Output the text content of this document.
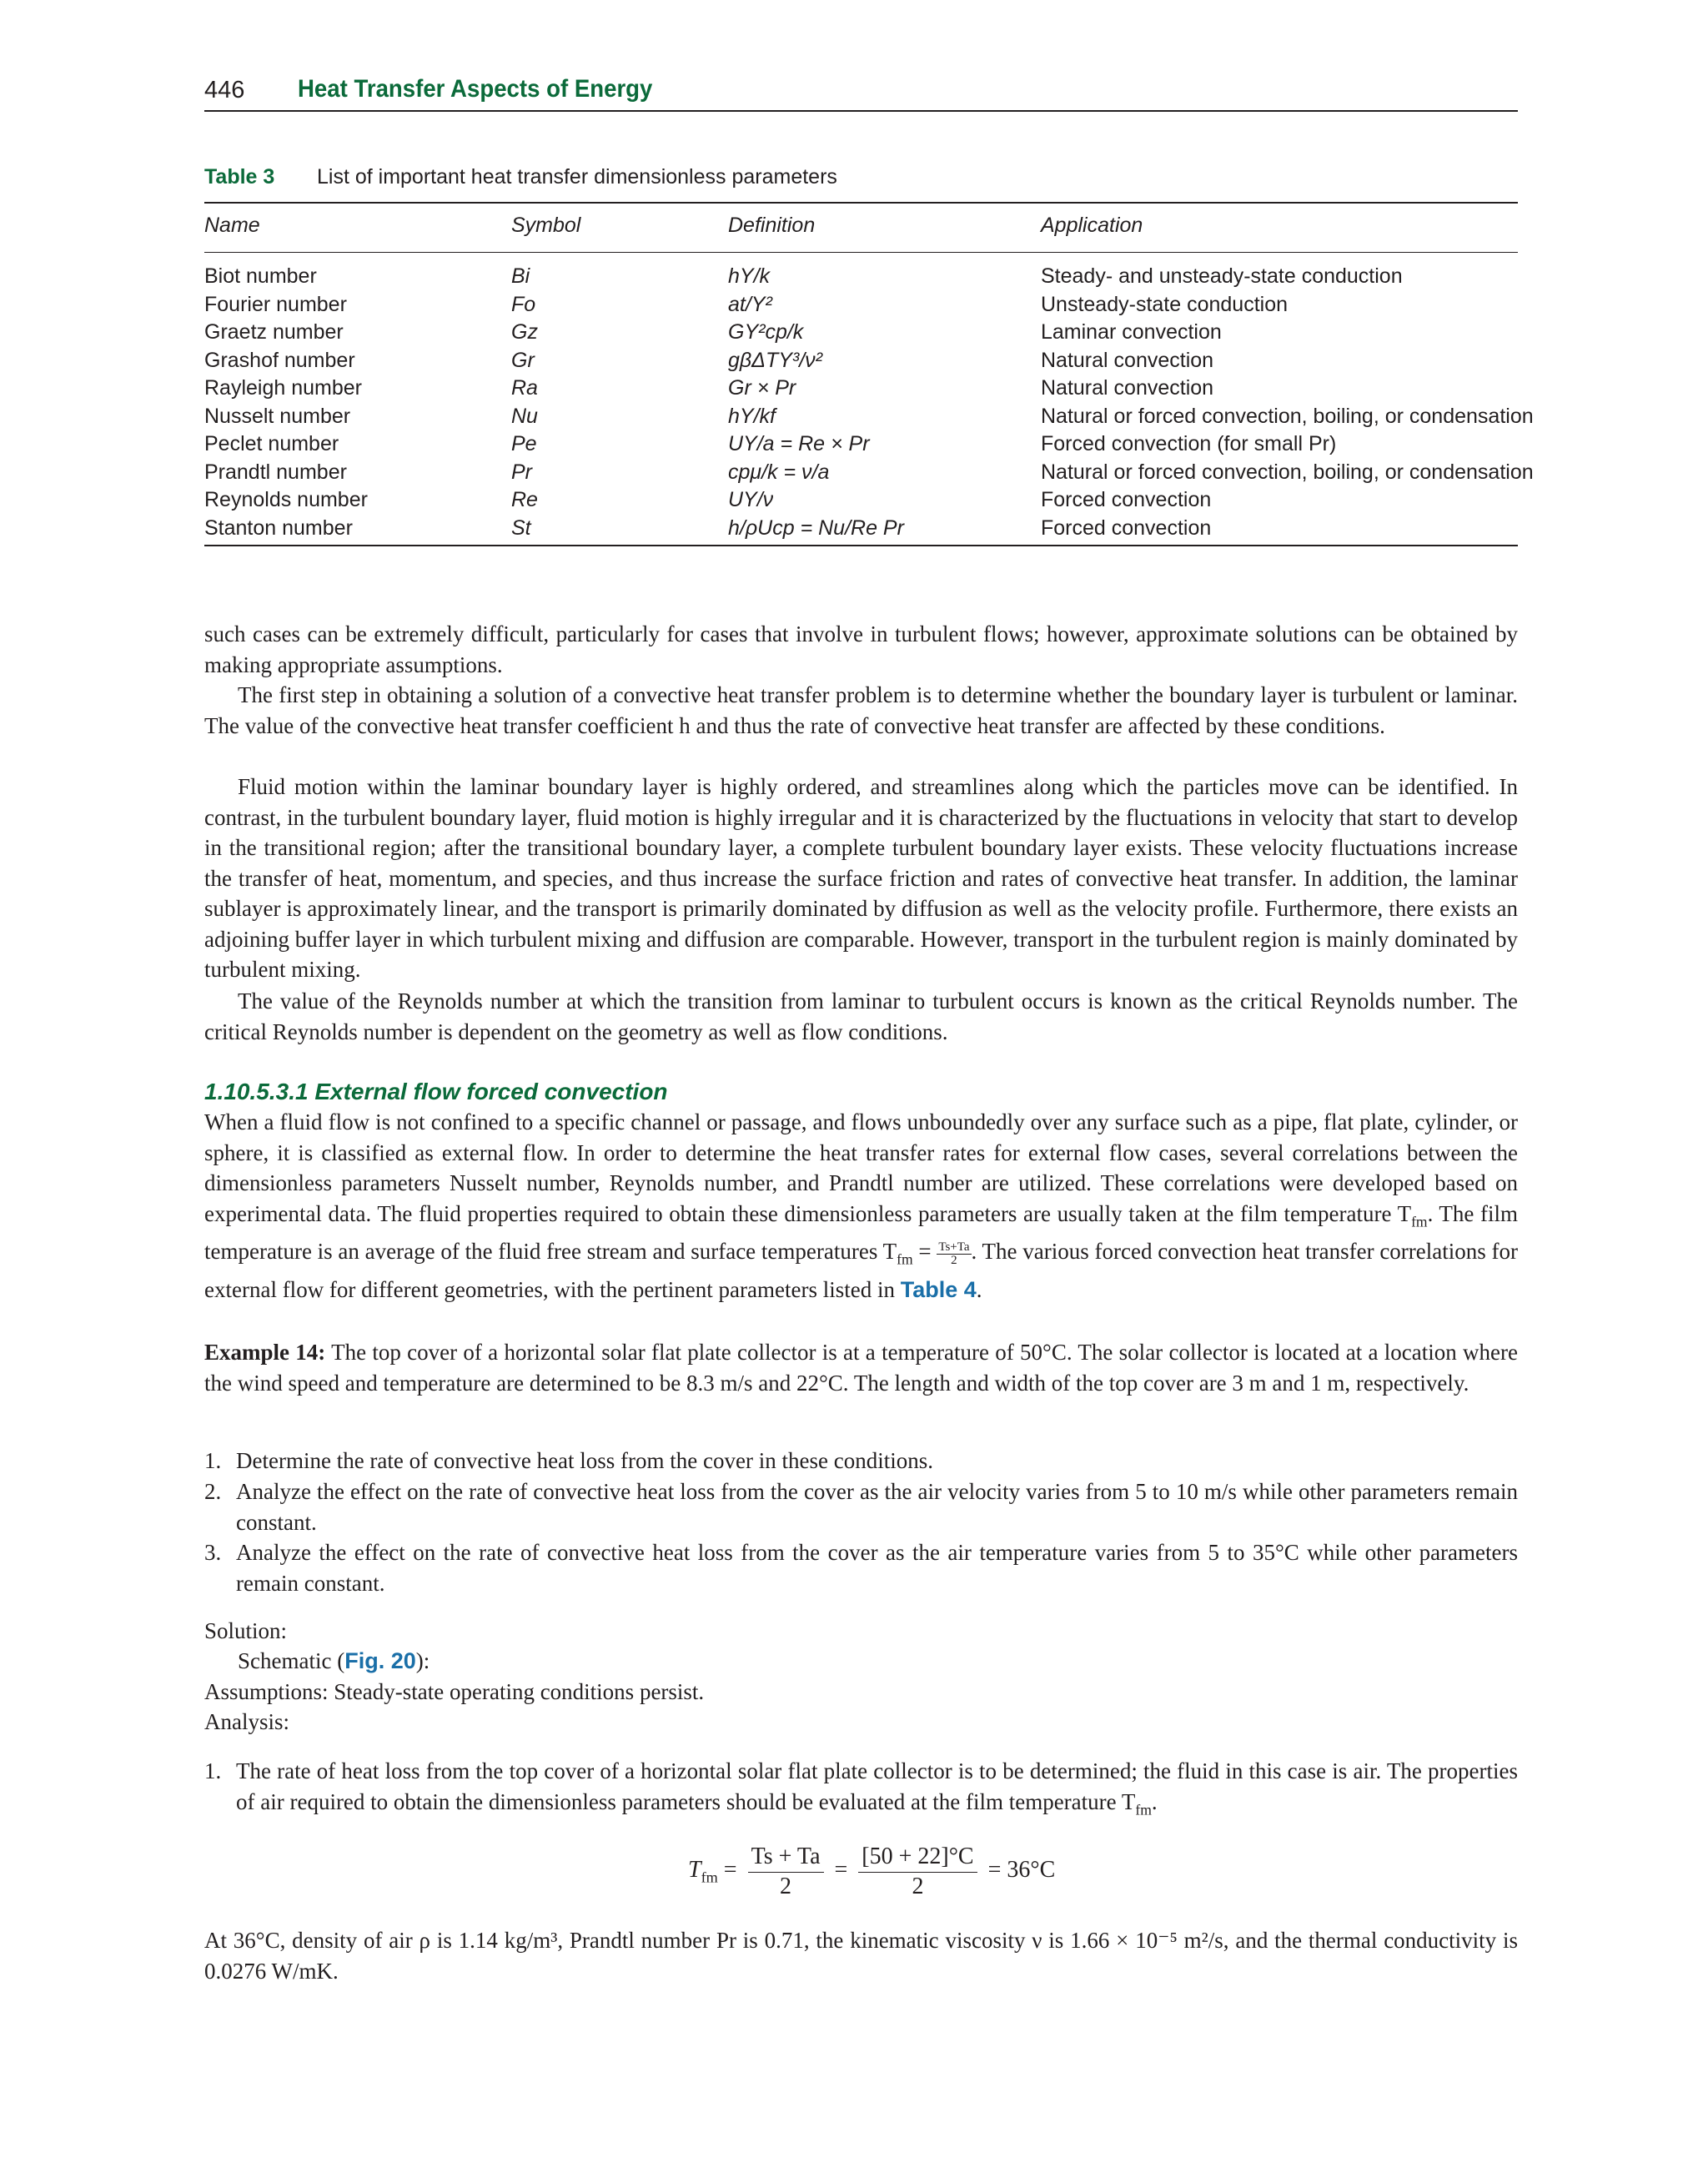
446 Heat Transfer Aspects of Energy
Table 3 List of important heat transfer dimensionless parameters
Name	Symbol	Definition	Application
Biot number	Bi	hY/k	Steady- and unsteady-state conduction
Fourier number	Fo	at/Y²	Unsteady-state conduction
Graetz number	Gz	GY²cp/k	Laminar convection
Grashof number	Gr	gβΔTY³/ν²	Natural convection
Rayleigh number	Ra	Gr × Pr	Natural convection
Nusselt number	Nu	hY/kf	Natural or forced convection, boiling, or condensation
Peclet number	Pe	UY/a = Re × Pr	Forced convection (for small Pr)
Prandtl number	Pr	cpμ/k = ν/a	Natural or forced convection, boiling, or condensation
Reynolds number	Re	UY/ν	Forced convection
Stanton number	St	h/ρUcp = Nu/Re Pr	Forced convection

such cases can be extremely difficult, particularly for cases that involve in turbulent flows; however, approximate solutions can be obtained by making appropriate assumptions.

The first step in obtaining a solution of a convective heat transfer problem is to determine whether the boundary layer is turbulent or laminar. The value of the convective heat transfer coefficient h and thus the rate of convective heat transfer are affected by these conditions.

Fluid motion within the laminar boundary layer is highly ordered, and streamlines along which the particles move can be identified. In contrast, in the turbulent boundary layer, fluid motion is highly irregular and it is characterized by the fluctuations in velocity that start to develop in the transitional region; after the transitional boundary layer, a complete turbulent boundary layer exists. These velocity fluctuations increase the transfer of heat, momentum, and species, and thus increase the surface friction and rates of convective heat transfer. In addition, the laminar sublayer is approximately linear, and the transport is primarily dominated by diffusion as well as the velocity profile. Furthermore, there exists an adjoining buffer layer in which turbulent mixing and diffusion are comparable. However, transport in the turbulent region is mainly dominated by turbulent mixing.

The value of the Reynolds number at which the transition from laminar to turbulent occurs is known as the critical Reynolds number. The critical Reynolds number is dependent on the geometry as well as flow conditions.

1.10.5.3.1 External flow forced convection

When a fluid flow is not confined to a specific channel or passage, and flows unboundedly over any surface such as a pipe, flat plate, cylinder, or sphere, it is classified as external flow. In order to determine the heat transfer rates for external flow cases, several correlations between the dimensionless parameters Nusselt number, Reynolds number, and Prandtl number are utilized. These correlations were developed based on experimental data. The fluid properties required to obtain these dimensionless parameters are usually taken at the film temperature $T_{fm}$. The film temperature is an average of the fluid free stream and surface temperatures $T_{fm} = \frac{Ts+Ta}{2}$ . The various forced convection heat transfer correlations for external flow for different geometries, with the pertinent parameters listed in Table 4.

Example 14: The top cover of a horizontal solar flat plate collector is at a temperature of 50°C. The solar collector is located at a location where the wind speed and temperature are determined to be 8.3 m/s and 22°C. The length and width of the top cover are 3 m and 1 m, respectively.

1. Determine the rate of convective heat loss from the cover in these conditions.
2. Analyze the effect on the rate of convective heat loss from the cover as the air velocity varies from 5 to 10 m/s while other parameters remain constant.
3. Analyze the effect on the rate of convective heat loss from the cover as the air temperature varies from 5 to 35°C while other parameters remain constant.
Solution:
Schematic (Fig. 20):
Assumptions: Steady-state operating conditions persist.
Analysis:
1. The rate of heat loss from the top cover of a horizontal solar flat plate collector is to be determined; the fluid in this case is air. The properties of air required to obtain the dimensionless parameters should be evaluated at the film temperature $T_{fm}$.
$T_{fm} = \frac{Ts + Ta}{2} = \frac{[50 + 22]^\circ C}{2} = 36^\circ C$

At 36°C, density of air ρ is 1.14 kg/m³, Prandtl number Pr is 0.71, the kinematic viscosity ν is 1.66 × 10⁻⁵ m²/s, and the thermal conductivity is 0.0276 W/mK.
